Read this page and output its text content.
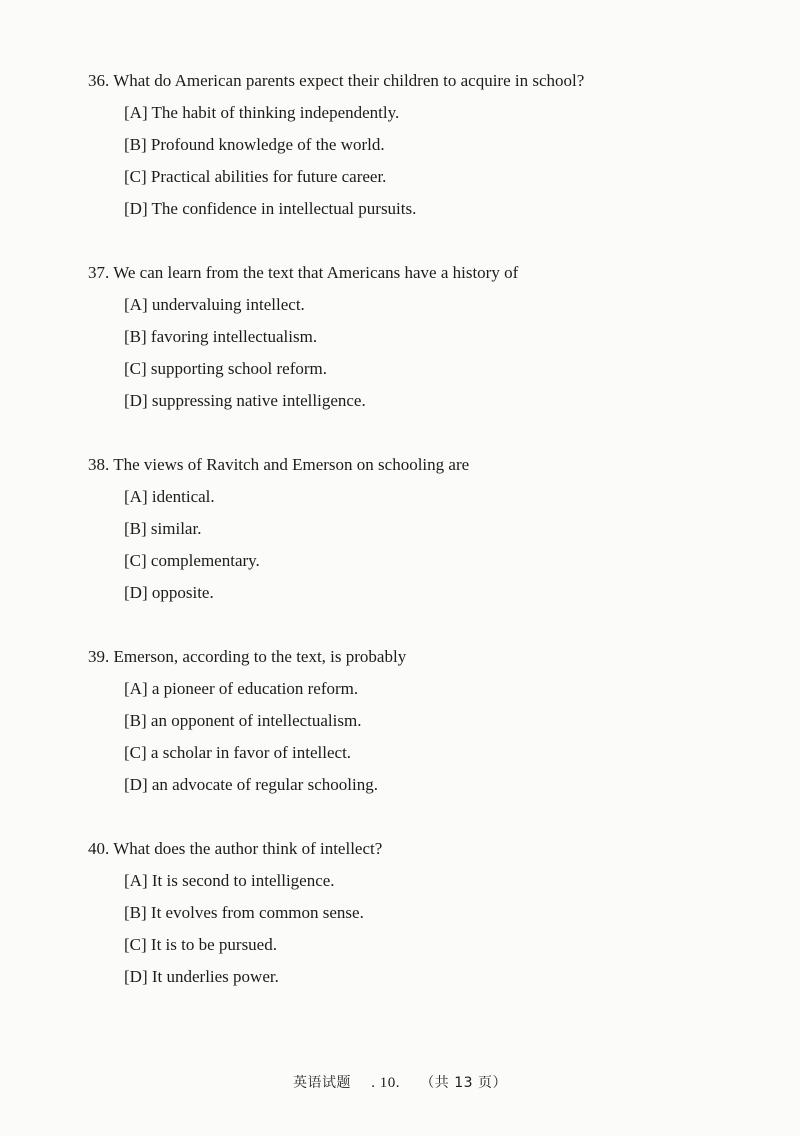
36. What do American parents expect their children to acquire in school?

[A] The habit of thinking independently.
[B] Profound knowledge of the world.
[C] Practical abilities for future career.
[D] The confidence in intellectual pursuits.

37. We can learn from the text that Americans have a history of

[A] undervaluing intellect.
[B] favoring intellectualism.
[C] supporting school reform.
[D] suppressing native intelligence.

38. The views of Ravitch and Emerson on schooling are

[A] identical.
[B] similar.
[C] complementary.
[D] opposite.

39. Emerson, according to the text, is probably

[A] a pioneer of education reform.
[B] an opponent of intellectualism.
[C] a scholar in favor of intellect.
[D] an advocate of regular schooling.

40. What does the author think of intellect?

[A] It is second to intelligence.
[B] It evolves from common sense.
[C] It is to be pursued.
[D] It underlies power.
英语试题 . 10. （共 13 页）
